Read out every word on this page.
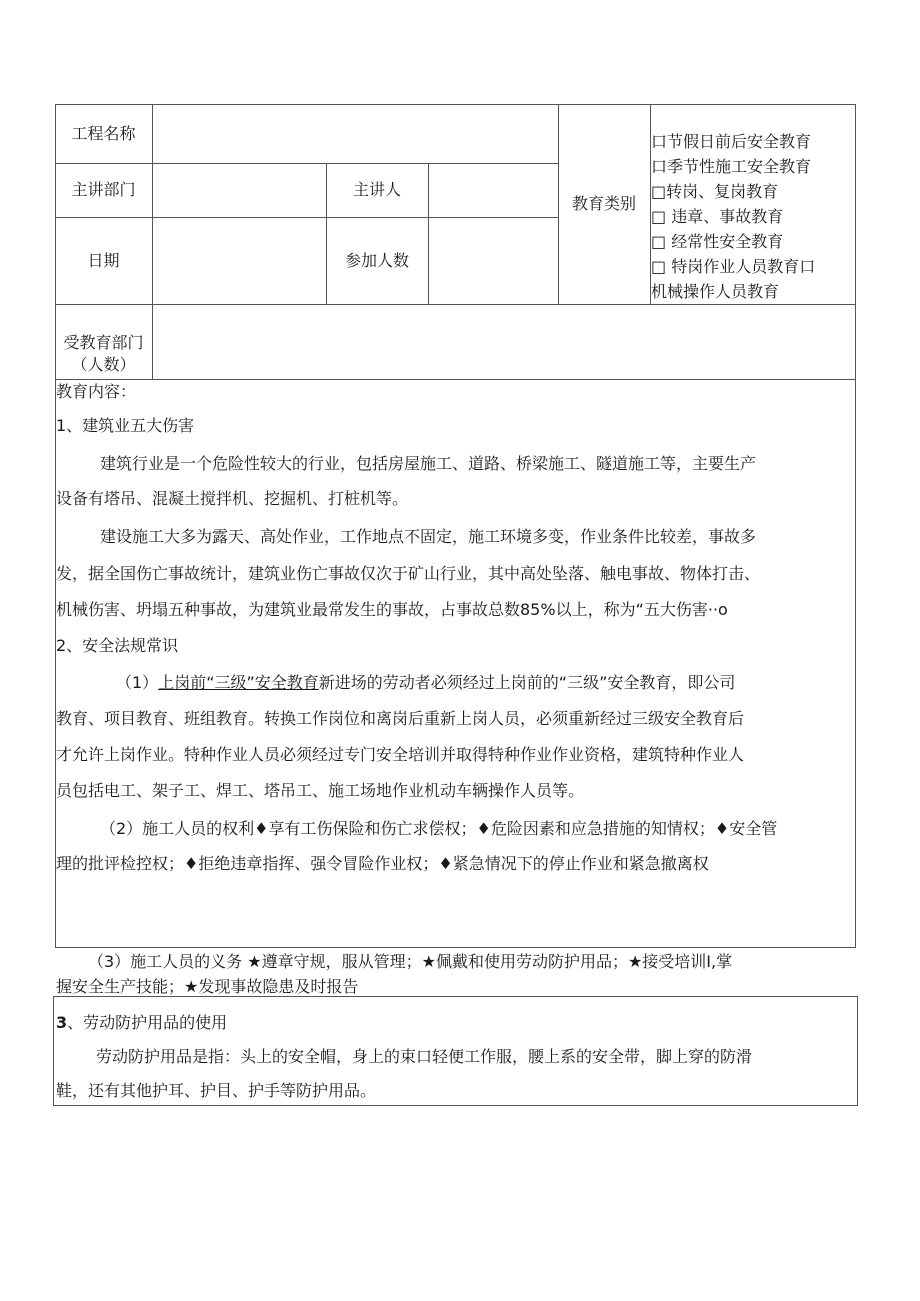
工程名称
主讲部门	主讲人
日期	参加人数
教育类别
口节假日前后安全教育
口季节性施工安全教育
□转岗、复岗教育
□ 违章、事故教育
□ 经常性安全教育
□ 特岗作业人员教育口
机械操作人员教育
受教育部门
（人数）
教育内容：
1、建筑业五大伤害
建筑行业是一个危险性较大的行业，包括房屋施工、道路、桥梁施工、隧道施工等，主要生产
设备有塔吊、混凝土搅拌机、挖掘机、打桩机等。
建设施工大多为露天、高处作业，工作地点不固定，施工环境多变，作业条件比较差，事故多
发，据全国伤亡事故统计，建筑业伤亡事故仅次于矿山行业，其中高处坠落、触电事故、物体打击、
机械伤害、坍塌五种事故，为建筑业最常发生的事故，占事故总数85%以上，称为“五大伤害··o
2、安全法规常识
（1）上岗前“三级”安全教育新进场的劳动者必须经过上岗前的“三级”安全教育，即公司
教育、项目教育、班组教育。转换工作岗位和离岗后重新上岗人员，必须重新经过三级安全教育后
才允许上岗作业。特种作业人员必须经过专门安全培训并取得特种作业作业资格，建筑特种作业人
员包括电工、架子工、焊工、塔吊工、施工场地作业机动车辆操作人员等。
（2）施工人员的权利♦享有工伤保险和伤亡求偿权；♦危险因素和应急措施的知情权；♦安全管
理的批评检控权；♦拒绝违章指挥、强令冒险作业权；♦紧急情况下的停止作业和紧急撤离权
（3）施工人员的义务 ★遵章守规，服从管理；★佩戴和使用劳动防护用品；★接受培训I,掌
握安全生产技能；★发现事故隐患及时报告
3、劳动防护用品的使用
劳动防护用品是指：头上的安全帽，身上的束口轻便工作服，腰上系的安全带，脚上穿的防滑
鞋，还有其他护耳、护目、护手等防护用品。
